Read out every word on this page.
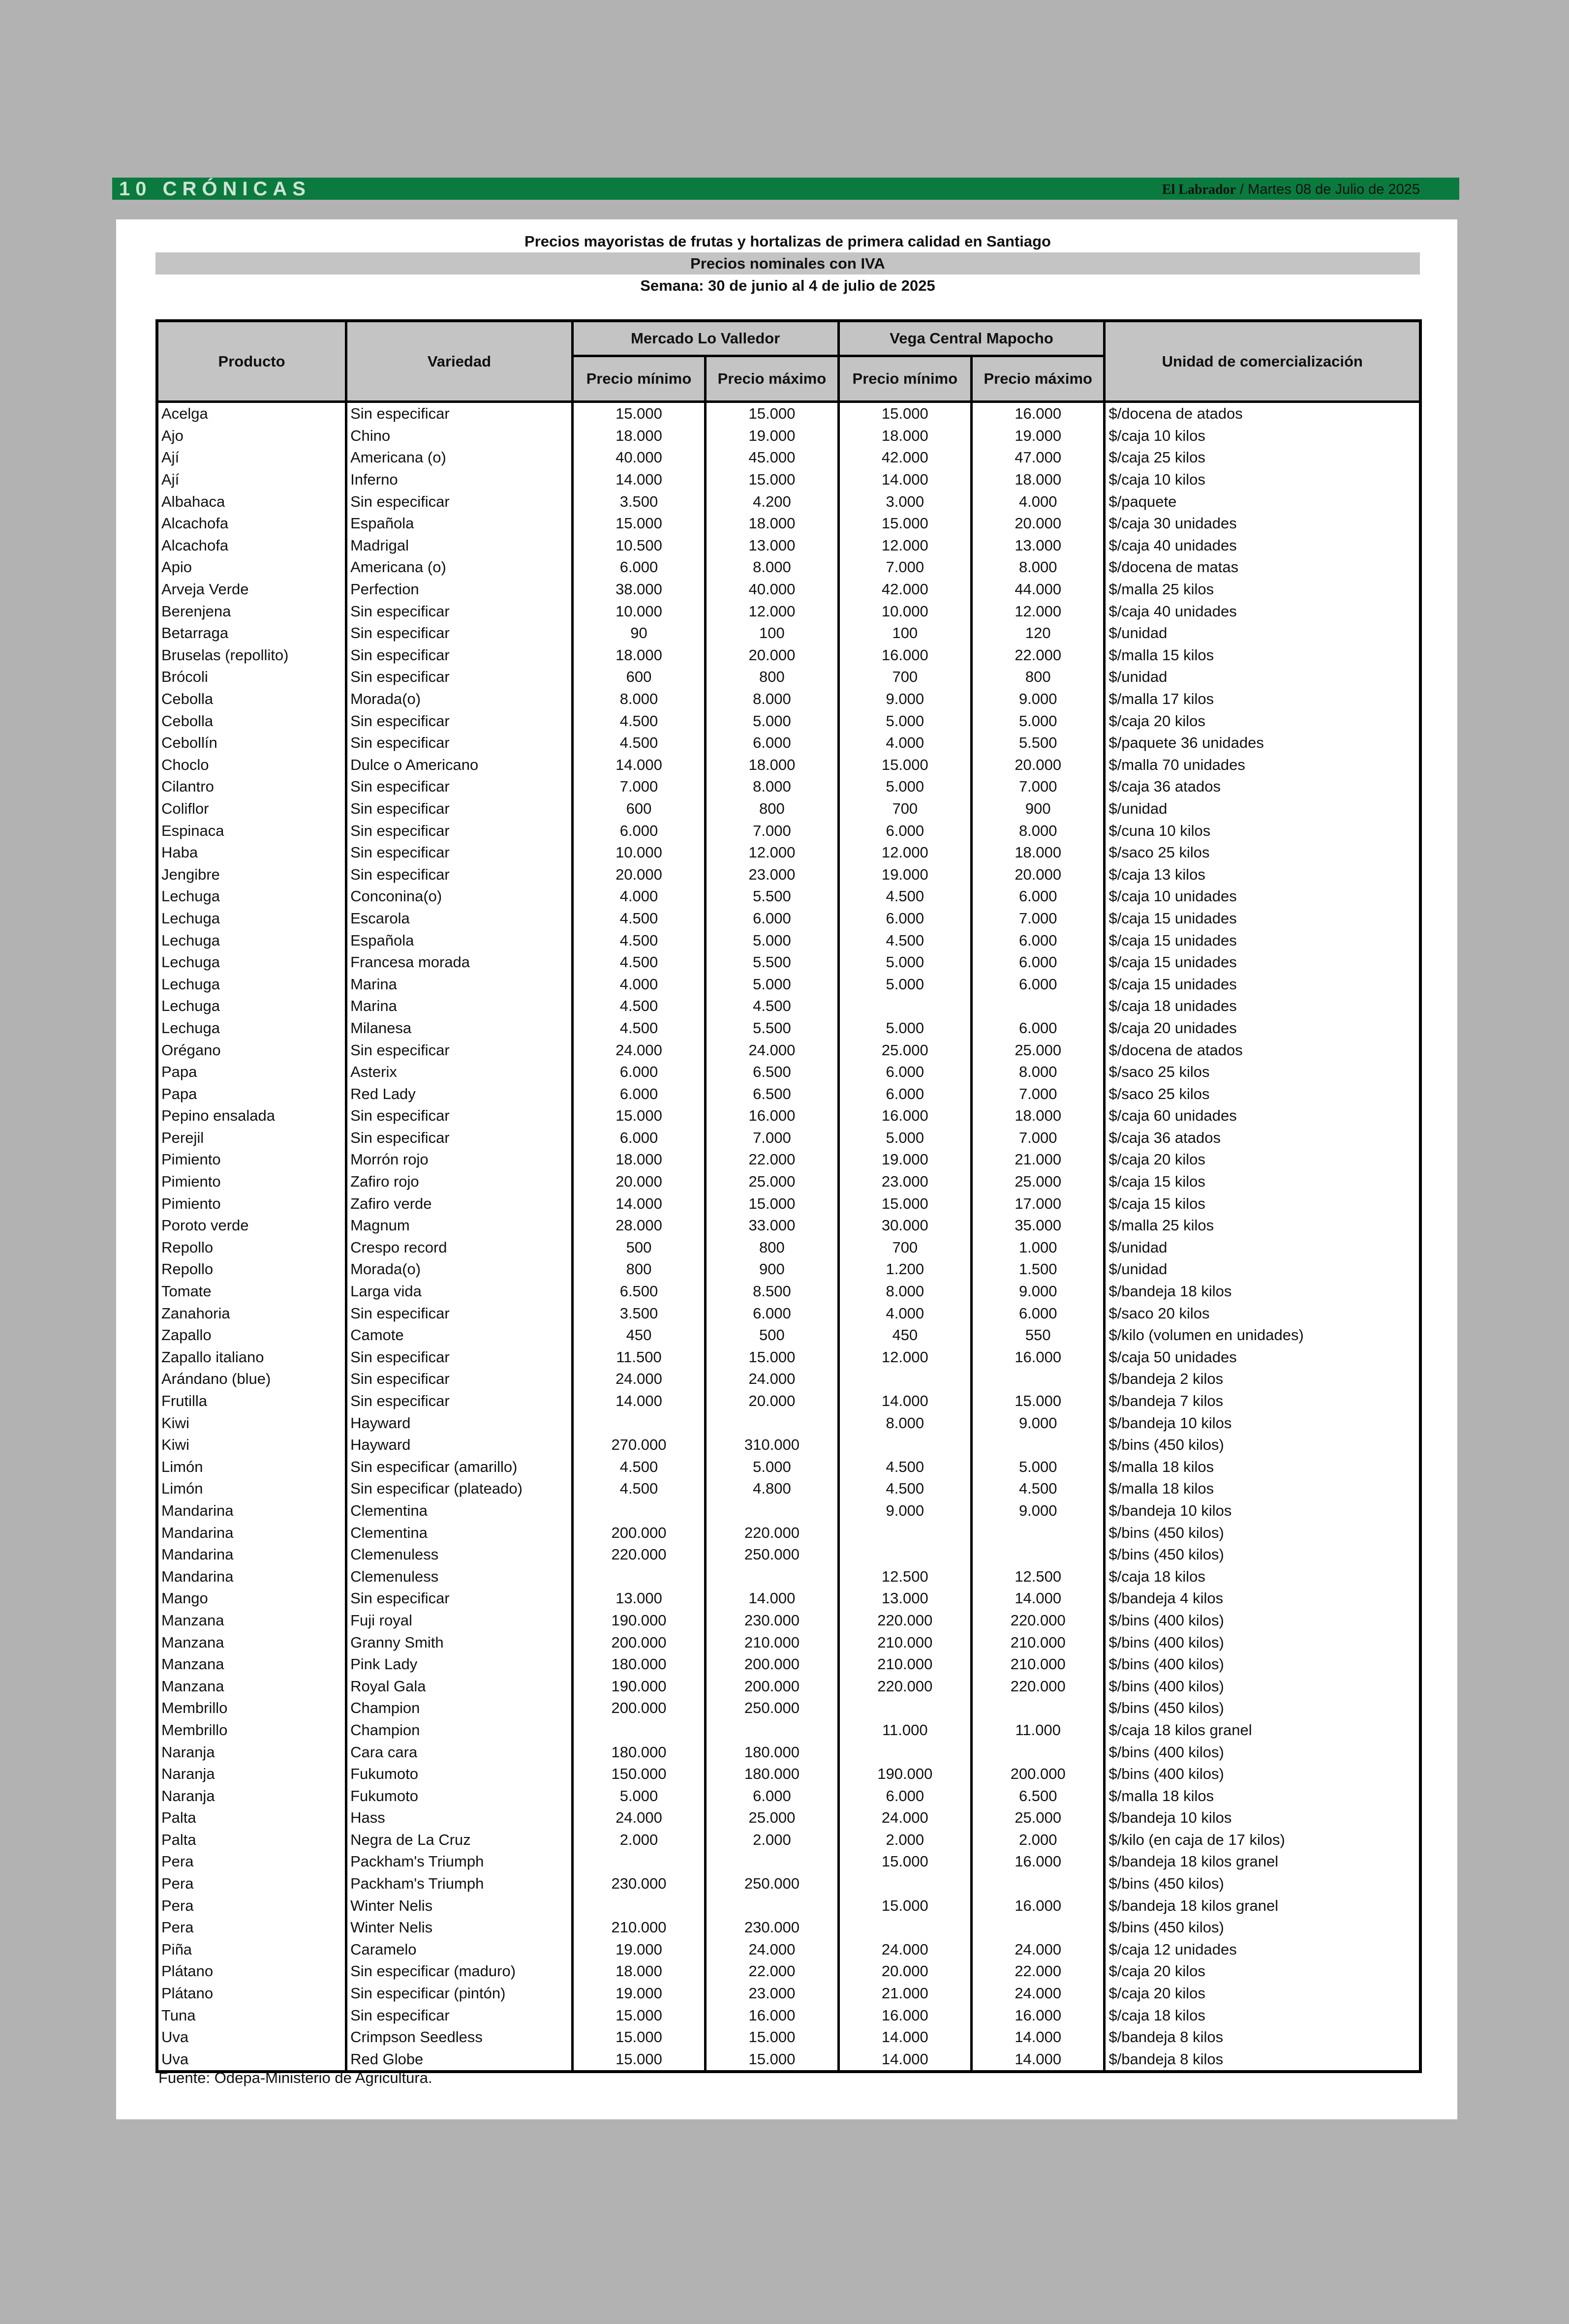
10 CRÓNICAS	El Labrador / Martes 08 de Julio de 2025
Precios mayoristas de frutas y hortalizas de primera calidad en Santiago
Precios nominales con IVA
Semana: 30 de junio al 4 de julio de 2025
Producto	Variedad	Mercado Lo Valledor		Vega Central Mapocho		Unidad de comercialización
		Precio mínimo	Precio máximo	Precio mínimo	Precio máximo	
Acelga	Sin especificar	15.000	15.000	15.000	16.000	$/docena de atados
Ajo	Chino	18.000	19.000	18.000	19.000	$/caja 10 kilos
Ají	Americana (o)	40.000	45.000	42.000	47.000	$/caja 25 kilos
Ají	Inferno	14.000	15.000	14.000	18.000	$/caja 10 kilos
Albahaca	Sin especificar	3.500	4.200	3.000	4.000	$/paquete
Alcachofa	Española	15.000	18.000	15.000	20.000	$/caja 30 unidades
Alcachofa	Madrigal	10.500	13.000	12.000	13.000	$/caja 40 unidades
Apio	Americana (o)	6.000	8.000	7.000	8.000	$/docena de matas
Arveja Verde	Perfection	38.000	40.000	42.000	44.000	$/malla 25 kilos
Berenjena	Sin especificar	10.000	12.000	10.000	12.000	$/caja 40 unidades
Betarraga	Sin especificar	90	100	100	120	$/unidad
Bruselas (repollito)	Sin especificar	18.000	20.000	16.000	22.000	$/malla 15 kilos
Brócoli	Sin especificar	600	800	700	800	$/unidad
Cebolla	Morada(o)	8.000	8.000	9.000	9.000	$/malla 17 kilos
Cebolla	Sin especificar	4.500	5.000	5.000	5.000	$/caja 20 kilos
Cebollín	Sin especificar	4.500	6.000	4.000	5.500	$/paquete 36 unidades
Choclo	Dulce o Americano	14.000	18.000	15.000	20.000	$/malla 70 unidades
Cilantro	Sin especificar	7.000	8.000	5.000	7.000	$/caja 36 atados
Coliflor	Sin especificar	600	800	700	900	$/unidad
Espinaca	Sin especificar	6.000	7.000	6.000	8.000	$/cuna 10 kilos
Haba	Sin especificar	10.000	12.000	12.000	18.000	$/saco 25 kilos
Jengibre	Sin especificar	20.000	23.000	19.000	20.000	$/caja 13 kilos
Lechuga	Conconina(o)	4.000	5.500	4.500	6.000	$/caja 10 unidades
Lechuga	Escarola	4.500	6.000	6.000	7.000	$/caja 15 unidades
Lechuga	Española	4.500	5.000	4.500	6.000	$/caja 15 unidades
Lechuga	Francesa morada	4.500	5.500	5.000	6.000	$/caja 15 unidades
Lechuga	Marina	4.000	5.000	5.000	6.000	$/caja 15 unidades
Lechuga	Marina	4.500	4.500			$/caja 18 unidades
Lechuga	Milanesa	4.500	5.500	5.000	6.000	$/caja 20 unidades
Orégano	Sin especificar	24.000	24.000	25.000	25.000	$/docena de atados
Papa	Asterix	6.000	6.500	6.000	8.000	$/saco 25 kilos
Papa	Red Lady	6.000	6.500	6.000	7.000	$/saco 25 kilos
Pepino ensalada	Sin especificar	15.000	16.000	16.000	18.000	$/caja 60 unidades
Perejil	Sin especificar	6.000	7.000	5.000	7.000	$/caja 36 atados
Pimiento	Morrón rojo	18.000	22.000	19.000	21.000	$/caja 20 kilos
Pimiento	Zafiro rojo	20.000	25.000	23.000	25.000	$/caja 15 kilos
Pimiento	Zafiro verde	14.000	15.000	15.000	17.000	$/caja 15 kilos
Poroto verde	Magnum	28.000	33.000	30.000	35.000	$/malla 25 kilos
Repollo	Crespo record	500	800	700	1.000	$/unidad
Repollo	Morada(o)	800	900	1.200	1.500	$/unidad
Tomate	Larga vida	6.500	8.500	8.000	9.000	$/bandeja 18 kilos
Zanahoria	Sin especificar	3.500	6.000	4.000	6.000	$/saco 20 kilos
Zapallo	Camote	450	500	450	550	$/kilo (volumen en unidades)
Zapallo italiano	Sin especificar	11.500	15.000	12.000	16.000	$/caja 50 unidades
Arándano (blue)	Sin especificar	24.000	24.000			$/bandeja 2 kilos
Frutilla	Sin especificar	14.000	20.000	14.000	15.000	$/bandeja 7 kilos
Kiwi	Hayward			8.000	9.000	$/bandeja 10 kilos
Kiwi	Hayward	270.000	310.000			$/bins (450 kilos)
Limón	Sin especificar (amarillo)	4.500	5.000	4.500	5.000	$/malla 18 kilos
Limón	Sin especificar (plateado)	4.500	4.800	4.500	4.500	$/malla 18 kilos
Mandarina	Clementina			9.000	9.000	$/bandeja 10 kilos
Mandarina	Clementina	200.000	220.000			$/bins (450 kilos)
Mandarina	Clemenuless	220.000	250.000			$/bins (450 kilos)
Mandarina	Clemenuless			12.500	12.500	$/caja 18 kilos
Mango	Sin especificar	13.000	14.000	13.000	14.000	$/bandeja 4 kilos
Manzana	Fuji royal	190.000	230.000	220.000	220.000	$/bins (400 kilos)
Manzana	Granny Smith	200.000	210.000	210.000	210.000	$/bins (400 kilos)
Manzana	Pink Lady	180.000	200.000	210.000	210.000	$/bins (400 kilos)
Manzana	Royal Gala	190.000	200.000	220.000	220.000	$/bins (400 kilos)
Membrillo	Champion	200.000	250.000			$/bins (450 kilos)
Membrillo	Champion			11.000	11.000	$/caja 18 kilos granel
Naranja	Cara cara	180.000	180.000			$/bins (400 kilos)
Naranja	Fukumoto	150.000	180.000	190.000	200.000	$/bins (400 kilos)
Naranja	Fukumoto	5.000	6.000	6.000	6.500	$/malla 18 kilos
Palta	Hass	24.000	25.000	24.000	25.000	$/bandeja 10 kilos
Palta	Negra de La Cruz	2.000	2.000	2.000	2.000	$/kilo (en caja de 17 kilos)
Pera	Packham's Triumph			15.000	16.000	$/bandeja 18 kilos granel
Pera	Packham's Triumph	230.000	250.000			$/bins (450 kilos)
Pera	Winter Nelis			15.000	16.000	$/bandeja 18 kilos granel
Pera	Winter Nelis	210.000	230.000			$/bins (450 kilos)
Piña	Caramelo	19.000	24.000	24.000	24.000	$/caja 12 unidades
Plátano	Sin especificar (maduro)	18.000	22.000	20.000	22.000	$/caja 20 kilos
Plátano	Sin especificar (pintón)	19.000	23.000	21.000	24.000	$/caja 20 kilos
Tuna	Sin especificar	15.000	16.000	16.000	16.000	$/caja 18 kilos
Uva	Crimpson Seedless	15.000	15.000	14.000	14.000	$/bandeja 8 kilos
Uva	Red Globe	15.000	15.000	14.000	14.000	$/bandeja 8 kilos
Fuente: Odepa-Ministerio de Agricultura.
